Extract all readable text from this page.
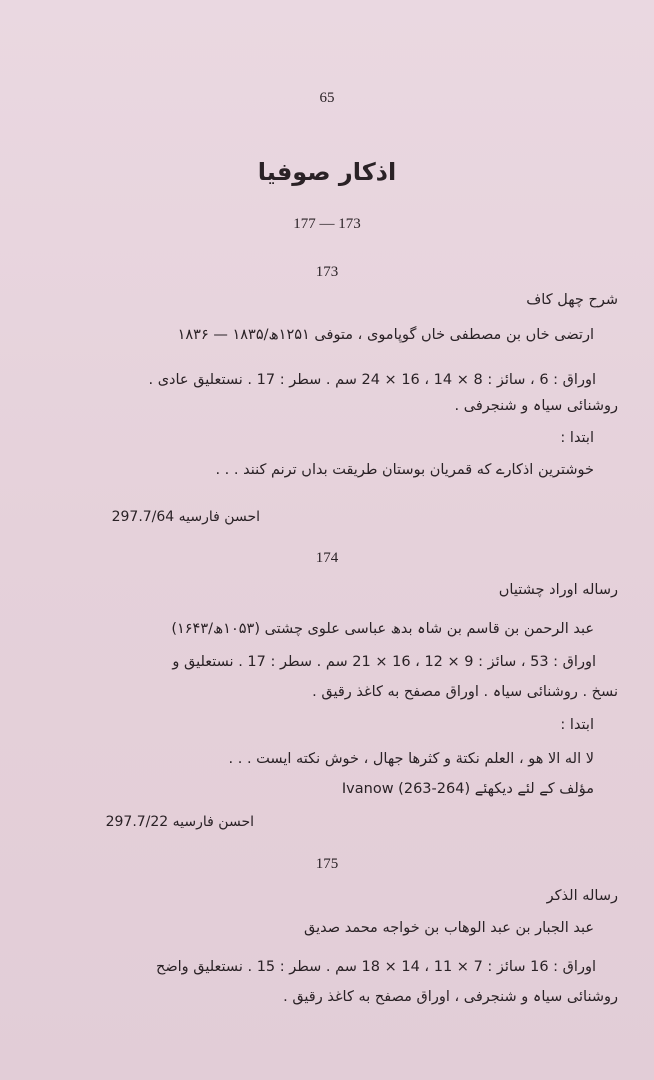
65
اذکار صوفیا
177 — 173
173
شرح چهل کاف
ارتضی خاں بن مصطفی خاں گوپاموی ، متوفی ۱۲۵۱ھ/۱۸۳۵ — ۱۸۳۶
اوراق : 6 ، سائز : 8 × 14 ، 16 × 24 سم . سطر : 17 . نستعلیق عادی .
روشنائی سیاہ و شنجرفی .
ابتدا :
خوشترین اذکارے که قمریان بوستان طریقت بداں ترنم کنند . . .
احسن فارسیه 297.7/64
174
رساله اوراد چشتیاں
عبد الرحمن بن قاسم بن شاہ بدھ عباسی علوی چشتی (۱۰۵۳ھ/۱۶۴۳)
اوراق : 53 ، سائز : 9 × 12 ، 16 × 21 سم . سطر : 17 . نستعلیق و
نسخ . روشنائی سیاہ . اوراق مصفح به کاغذ رقیق .
ابتدا :
لا اله الا هو ، العلم نکتة و کثرها جهال ، خوش نکته ایست . . .
مؤلف کے لئے دیکھئے (264-263) Ivanow
احسن فارسیه 297.7/22
175
رساله الذکر
عبد الجبار بن عبد الوهاب بن خواجه محمد صدیق
اوراق : 16 سائز : 7 × 11 ، 14 × 18 سم . سطر : 15 . نستعلیق واضح
روشنائی سیاہ و شنجرفی ، اوراق مصفح به کاغذ رقیق .
